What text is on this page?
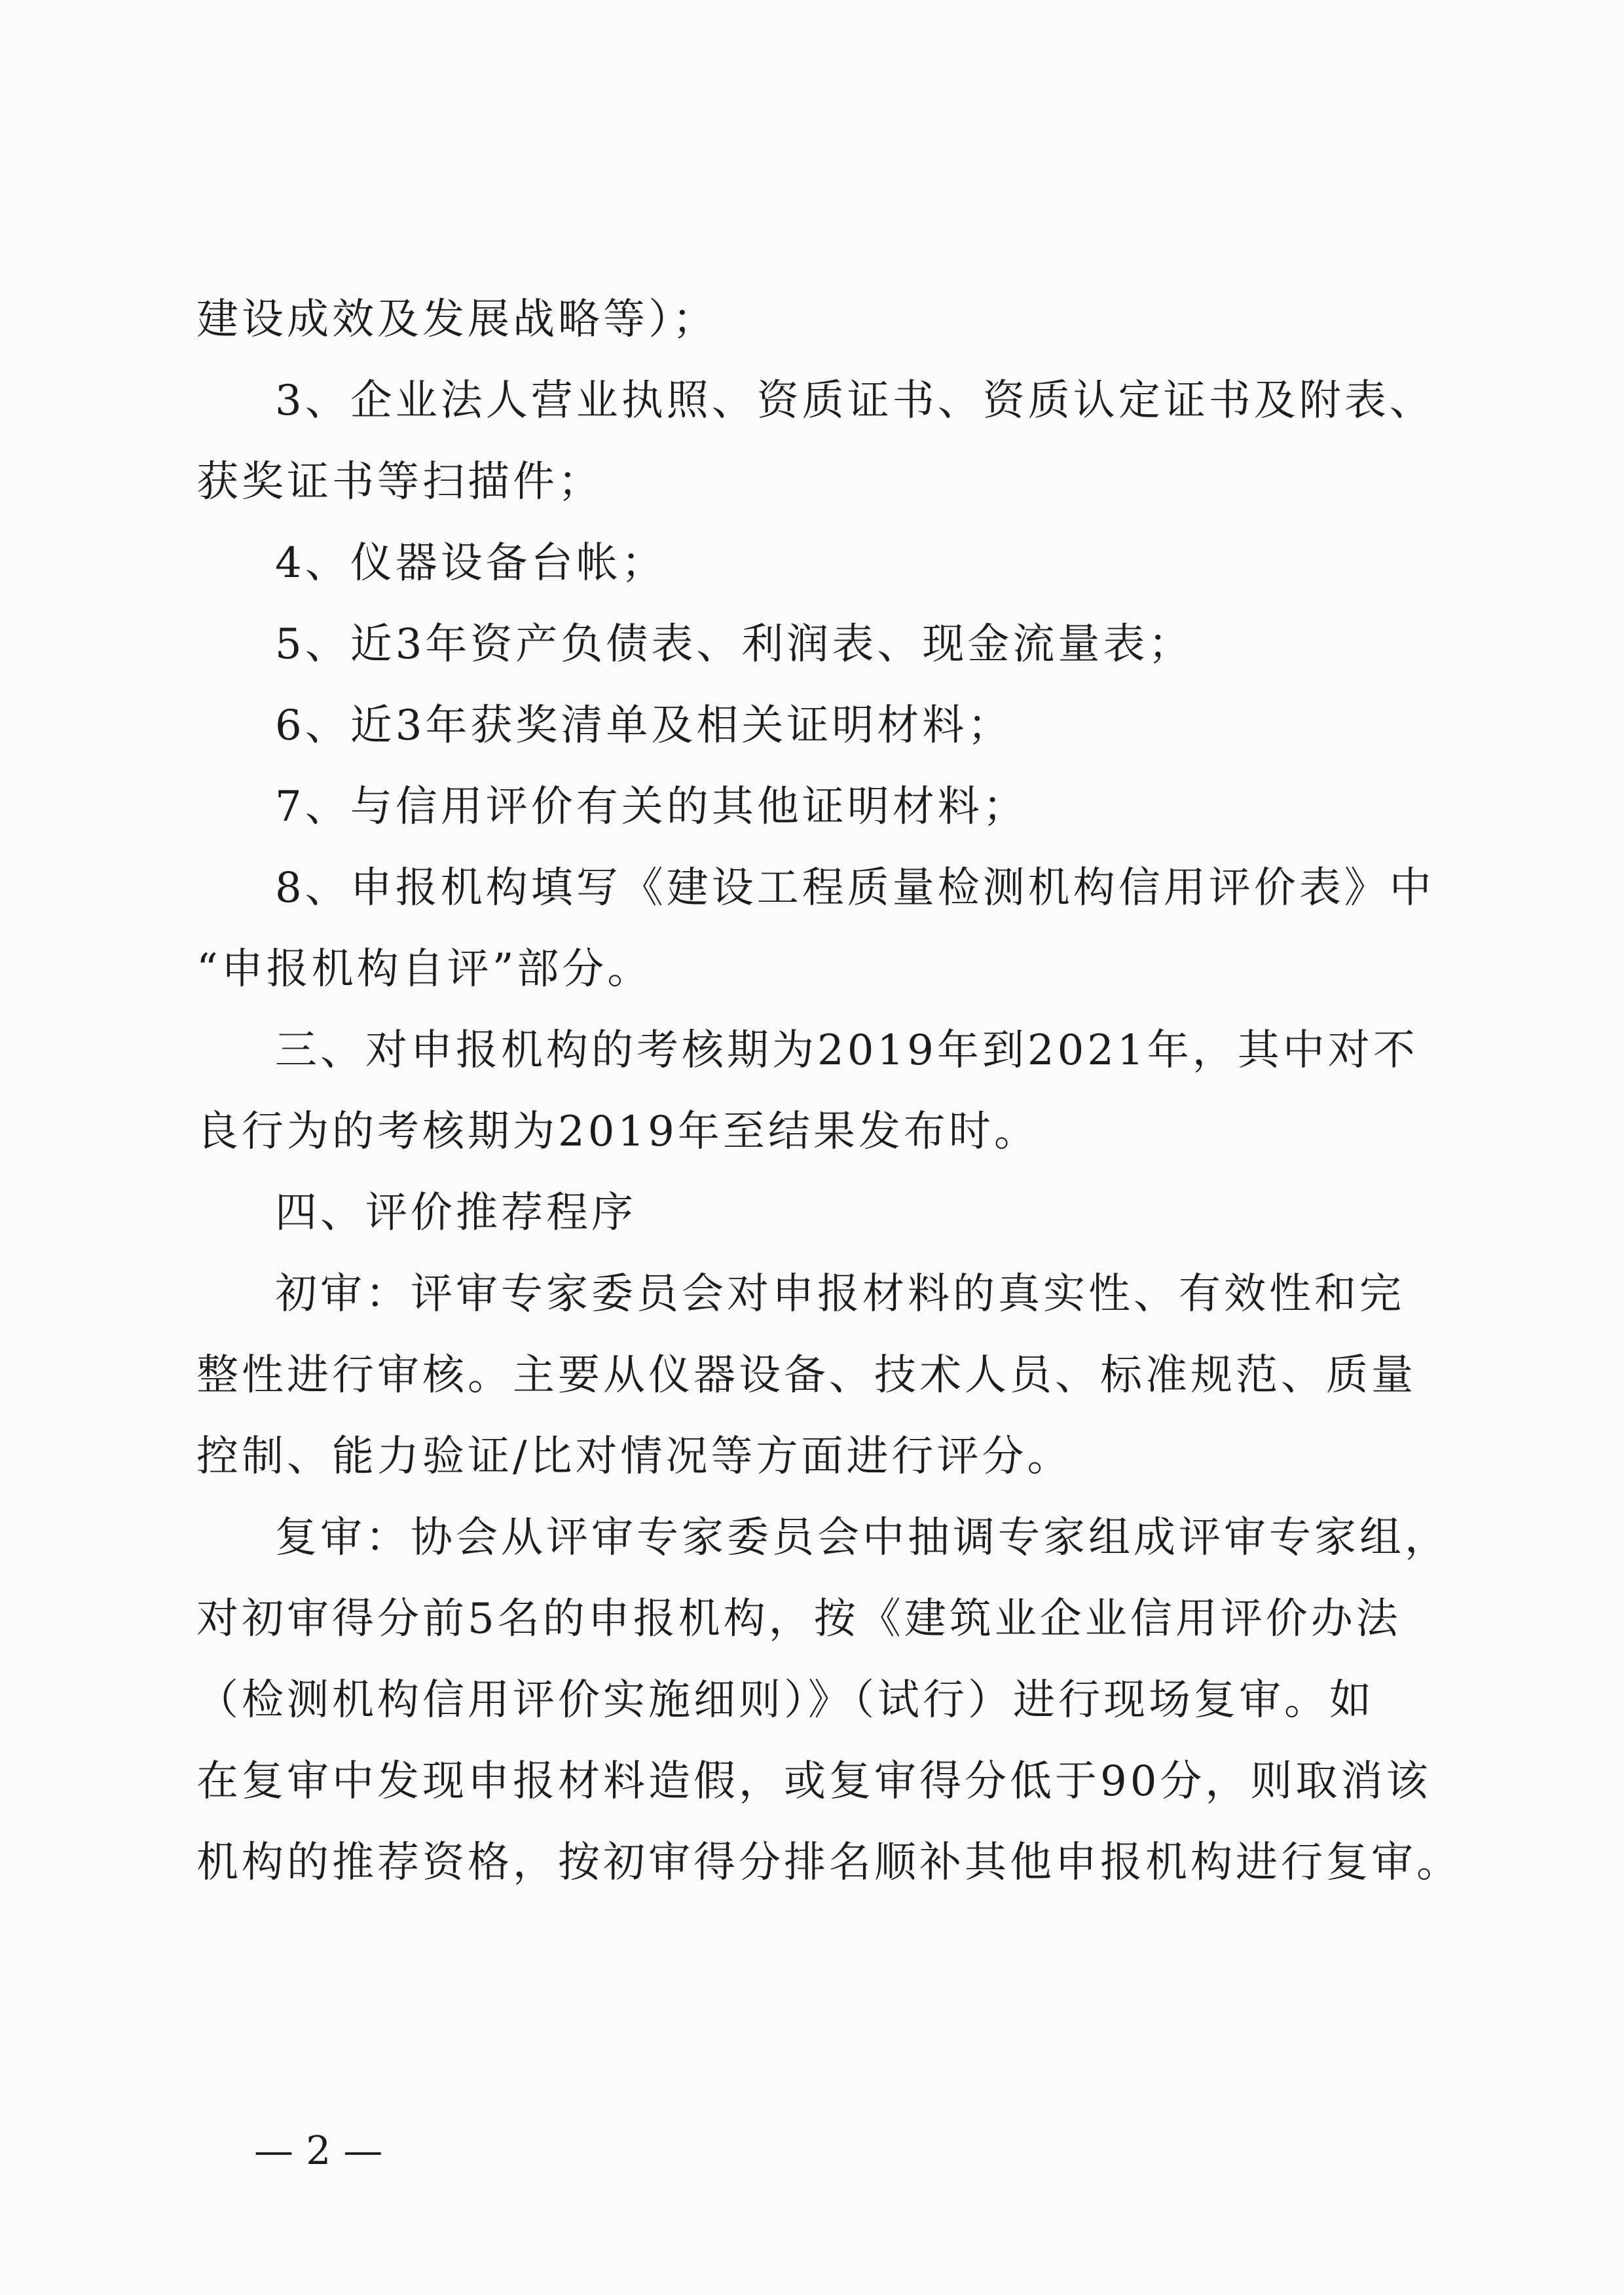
建设成效及发展战略等）；
3、企业法人营业执照、资质证书、资质认定证书及附表、
获奖证书等扫描件；
4、仪器设备台帐；
5、近3年资产负债表、利润表、现金流量表；
6、近3年获奖清单及相关证明材料；
7、与信用评价有关的其他证明材料；
8、申报机构填写《建设工程质量检测机构信用评价表》中
“申报机构自评”部分。
三、对申报机构的考核期为2019年到2021年，其中对不
良行为的考核期为2019年至结果发布时。
四、评价推荐程序
初审：评审专家委员会对申报材料的真实性、有效性和完
整性进行审核。主要从仪器设备、技术人员、标准规范、质量
控制、能力验证/比对情况等方面进行评分。
复审：协会从评审专家委员会中抽调专家组成评审专家组，
对初审得分前5名的申报机构，按《建筑业企业信用评价办法
（检测机构信用评价实施细则）》（试行）进行现场复审。如
在复审中发现申报材料造假，或复审得分低于90分，则取消该
机构的推荐资格，按初审得分排名顺补其他申报机构进行复审。
— 2 —
